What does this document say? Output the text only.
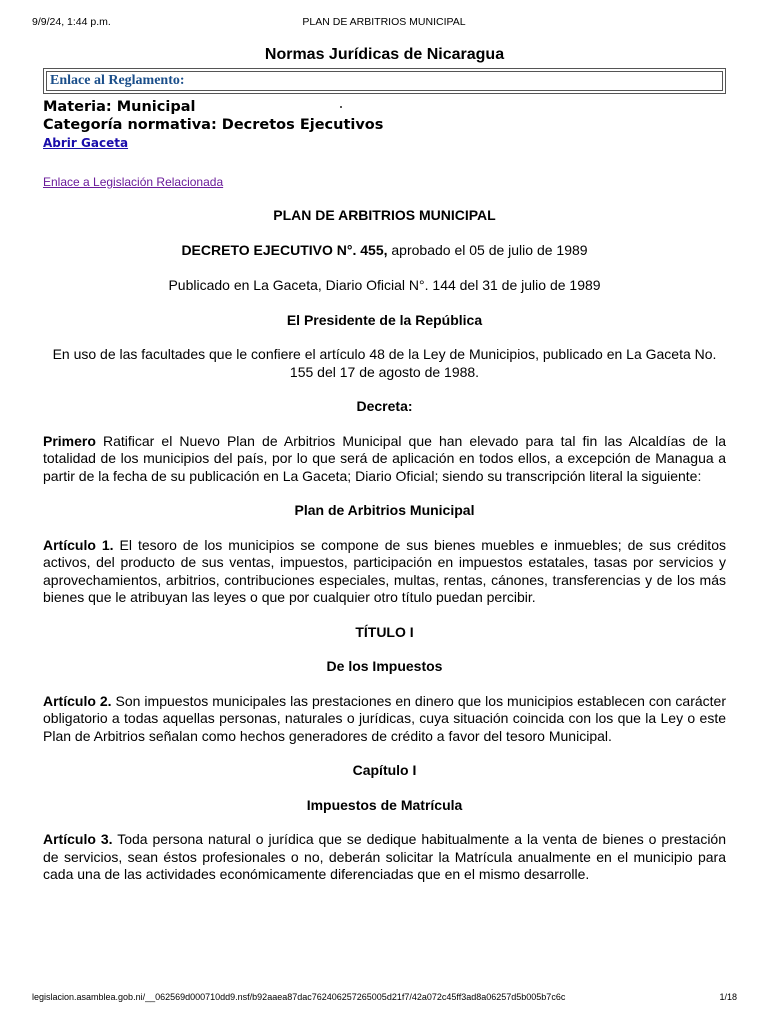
9/9/24, 1:44 p.m.	PLAN DE ARBITRIOS MUNICIPAL
Normas Jurídicas de Nicaragua
Enlace al Reglamento:

Materia: Municipal

Categoría normativa: Decretos Ejecutivos

Abrir Gaceta
Enlace a Legislación Relacionada

PLAN DE ARBITRIOS MUNICIPAL

DECRETO EJECUTIVO N°. 455, aprobado el 05 de julio de 1989

Publicado en La Gaceta, Diario Oficial N°. 144 del 31 de julio de 1989

El Presidente de la República

En uso de las facultades que le confiere el artículo 48 de la Ley de Municipios, publicado en La Gaceta No. 155 del 17 de agosto de 1988.

Decreta:

Primero Ratificar el Nuevo Plan de Arbitrios Municipal que han elevado para tal fin las Alcaldías de la totalidad de los municipios del país, por lo que será de aplicación en todos ellos, a excepción de Managua a partir de la fecha de su publicación en La Gaceta; Diario Oficial; siendo su transcripción literal la siguiente:

Plan de Arbitrios Municipal

Artículo 1. El tesoro de los municipios se compone de sus bienes muebles e inmuebles; de sus créditos activos, del producto de sus ventas, impuestos, participación en impuestos estatales, tasas por servicios y aprovechamientos, arbitrios, contribuciones especiales, multas, rentas, cánones, transferencias y de los más bienes que le atribuyan las leyes o que por cualquier otro título puedan percibir.

TÍTULO I

De los Impuestos

Artículo 2. Son impuestos municipales las prestaciones en dinero que los municipios establecen con carácter obligatorio a todas aquellas personas, naturales o jurídicas, cuya situación coincida con los que la Ley o este Plan de Arbitrios señalan como hechos generadores de crédito a favor del tesoro Municipal.

Capítulo I

Impuestos de Matrícula

Artículo 3. Toda persona natural o jurídica que se dedique habitualmente a la venta de bienes o prestación de servicios, sean éstos profesionales o no, deberán solicitar la Matrícula anualmente en el municipio para cada una de las actividades económicamente diferenciadas que en el mismo desarrolle.

legislacion.asamblea.gob.ni/__062569d000710dd9.nsf/b92aaea87dac762406257265005d21f7/42a072c45ff3ad8a06257d5b005b7c6c	1/18
